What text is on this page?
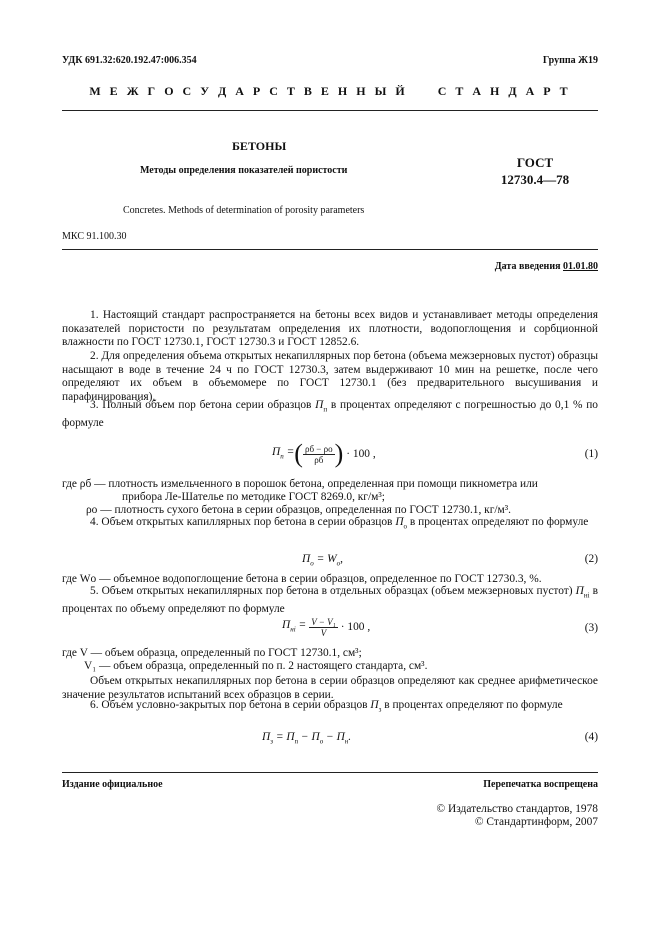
УДК 691.32:620.192.47:006.354	Группа Ж19
М Е Ж Г О С У Д А Р С Т В Е Н Н Ы Й     С Т А Н Д А Р Т
БЕТОНЫ
Методы определения показателей пористости
ГОСТ
12730.4—78
Concretes. Methods of determination of porosity parameters
МКС 91.100.30
Дата введения 01.01.80
1. Настоящий стандарт распространяется на бетоны всех видов и устанавливает методы определения показателей пористости по результатам определения их плотности, водопоглощения и сорбционной влажности по ГОСТ 12730.1, ГОСТ 12730.3 и ГОСТ 12852.6.
2. Для определения объема открытых некапиллярных пор бетона (объема межзерновых пустот) образцы насыщают в воде в течение 24 ч по ГОСТ 12730.3, затем выдерживают 10 мин на решетке, после чего определяют их объем в объемомере по ГОСТ 12730.1 (без предварительного высушивания и парафинирования).
3. Полный объем пор бетона серии образцов $П_п$ в процентах определяют с погрешностью до 0,1 % по формуле
$П_п$ = ( $\frac{\rho б - \rho о}{\rho б}$ ) · 100 ,	(1)
где ρб — плотность измельченного в порошок бетона, определенная при помощи пикнометра или
прибора Ле-Шателье по методике ГОСТ 8269.0, кг/м³;
ρо — плотность сухого бетона в серии образцов, определенная по ГОСТ 12730.1, кг/м³.
4. Объем открытых капиллярных пор бетона в серии образцов $П_о$ в процентах определяют по формуле
$П_о = W_о$,	(2)
где Wо — объемное водопоглощение бетона в серии образцов, определенное по ГОСТ 12730.3, %.
5. Объем открытых некапиллярных пор бетона в отдельных образцах (объем межзерновых пустот) $П_{нi}$ в процентах по объему определяют по формуле
$П_{нi} = \frac{\text{V − V₁}}{V} \cdot 100$ ,	(3)
где V — объем образца, определенный по ГОСТ 12730.1, см³;
V₁ — объем образца, определенный по п. 2 настоящего стандарта, см³.
Объем открытых некапиллярных пор бетона в серии образцов определяют как среднее арифметическое значение результатов испытаний всех образцов в серии.
6. Объем условно-закрытых пор бетона в серии образцов $П_з$ в процентах определяют по формуле
$П_з = П_п - П_о - П_н$.	(4)
Издание официальное	Перепечатка воспрещена
© Издательство стандартов, 1978
© Стандартинформ, 2007
